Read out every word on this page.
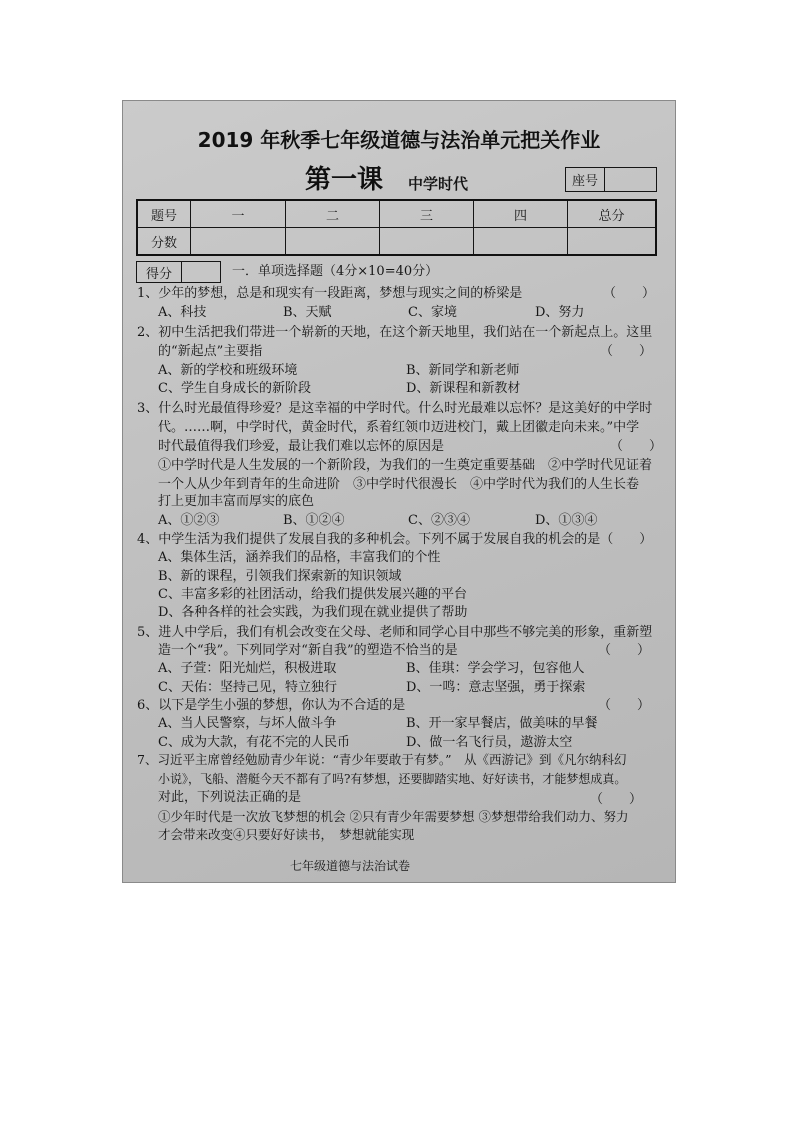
2019 年秋季七年级道德与法治单元把关作业
第一课 中学时代	座号	
题号	一	二	三	四	总分
分数					
得分		一．单项选择题（4分×10=40分）
1、少年的梦想，总是和现实有一段距离，梦想与现实之间的桥梁是	（　　）
A、科技	B、天赋	C、家境	D、努力
2、初中生活把我们带进一个崭新的天地，在这个新天地里，我们站在一个新起点上。这里
的“新起点”主要指	（　　）
A、新的学校和班级环境	B、新同学和新老师
C、学生自身成长的新阶段	D、新课程和新教材
3、什么时光最值得珍爱？是这幸福的中学时代。什么时光最难以忘怀？是这美好的中学时
代。……啊，中学时代，黄金时代，系着红领巾迈进校门，戴上团徽走向未来。”中学
时代最值得我们珍爱，最让我们难以忘怀的原因是	（　　）
①中学时代是人生发展的一个新阶段，为我们的一生奠定重要基础　②中学时代见证着
一个人从少年到青年的生命进阶　③中学时代很漫长　④中学时代为我们的人生长卷
打上更加丰富而厚实的底色
A、①②③	B、①②④	C、②③④	D、①③④
4、中学生活为我们提供了发展自我的多种机会。下列不属于发展自我的机会的是（　　）
A、集体生活，涵养我们的品格，丰富我们的个性
B、新的课程，引领我们探索新的知识领域
C、丰富多彩的社团活动，给我们提供发展兴趣的平台
D、各种各样的社会实践，为我们现在就业提供了帮助
5、进人中学后，我们有机会改变在父母、老师和同学心目中那些不够完美的形象，重新塑
造一个“我”。下列同学对“新自我”的塑造不恰当的是	（　　）
A、子萱：阳光灿烂，积极进取	B、佳琪：学会学习，包容他人
C、天佑：坚持己见，特立独行	D、一鸣：意志坚强，勇于探索
6、以下是学生小强的梦想，你认为不合适的是	（　　）
A、当人民警察，与坏人做斗争	B、开一家早餐店，做美味的早餐
C、成为大款，有花不完的人民币	D、做一名飞行员，遨游太空
7、习近平主席曾经勉励青少年说：“青少年要敢于有梦。”　从《西游记》到《凡尔纳科幻
小说》，飞船、潜艇今天不都有了吗?有梦想，还要脚踏实地、好好读书，才能梦想成真。
对此，下列说法正确的是	（　　）
①少年时代是一次放飞梦想的机会 ②只有青少年需要梦想 ③梦想带给我们动力、努力
才会带来改变④只要好好读书，　梦想就能实现
七年级道德与法治试卷
